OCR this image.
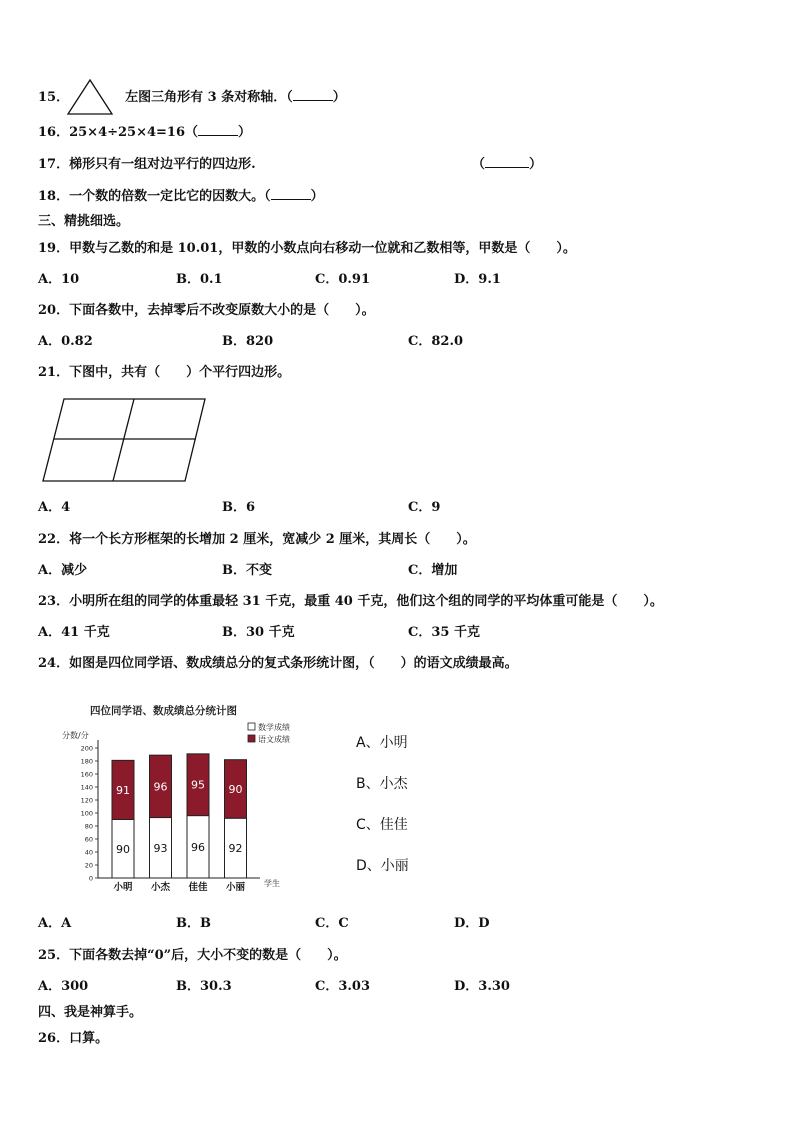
15．	左图三角形有 3 条对称轴．（	）
16．25×4÷25×4=16（	）
17．梯形只有一组对边平行的四边形.	（	）
18．一个数的倍数一定比它的因数大。（	）
三、精挑细选。
19．甲数与乙数的和是 10.01，甲数的小数点向右移动一位就和乙数相等，甲数是（　　）。
A．10	B．0.1	C．0.91	D．9.1
20．下面各数中，去掉零后不改变原数大小的是（　　）。
A．0.82	B．820	C．82.0
21．下图中，共有（　　）个平行四边形。
A．4	B．6	C．9
22．将一个长方形框架的长增加 2 厘米，宽减少 2 厘米，其周长（　　）。
A．减少	B．不变	C．增加
23．小明所在组的同学的体重最轻 31 千克，最重 40 千克，他们这个组的同学的平均体重可能是（　　）。
A．41 千克	B．30 千克	C．35 千克
24．如图是四位同学语、数成绩总分的复式条形统计图，（　　）的语文成绩最高。
四位同学语、数成绩总分统计图
分数/分
学生
0
20
40
60
80
100
120
140
160
180
200
数学成绩
语文成绩
90
91
小明
93
96
小杰
96
95
佳佳
92
90
小丽
A、小明
B、小杰
C、佳佳
D、小丽
A．A	B．B	C．C	D．D
25．下面各数去掉“0”后，大小不变的数是（　　）。
A．300	B．30.3	C．3.03	D．3.30
四、我是神算手。
26．口算。
